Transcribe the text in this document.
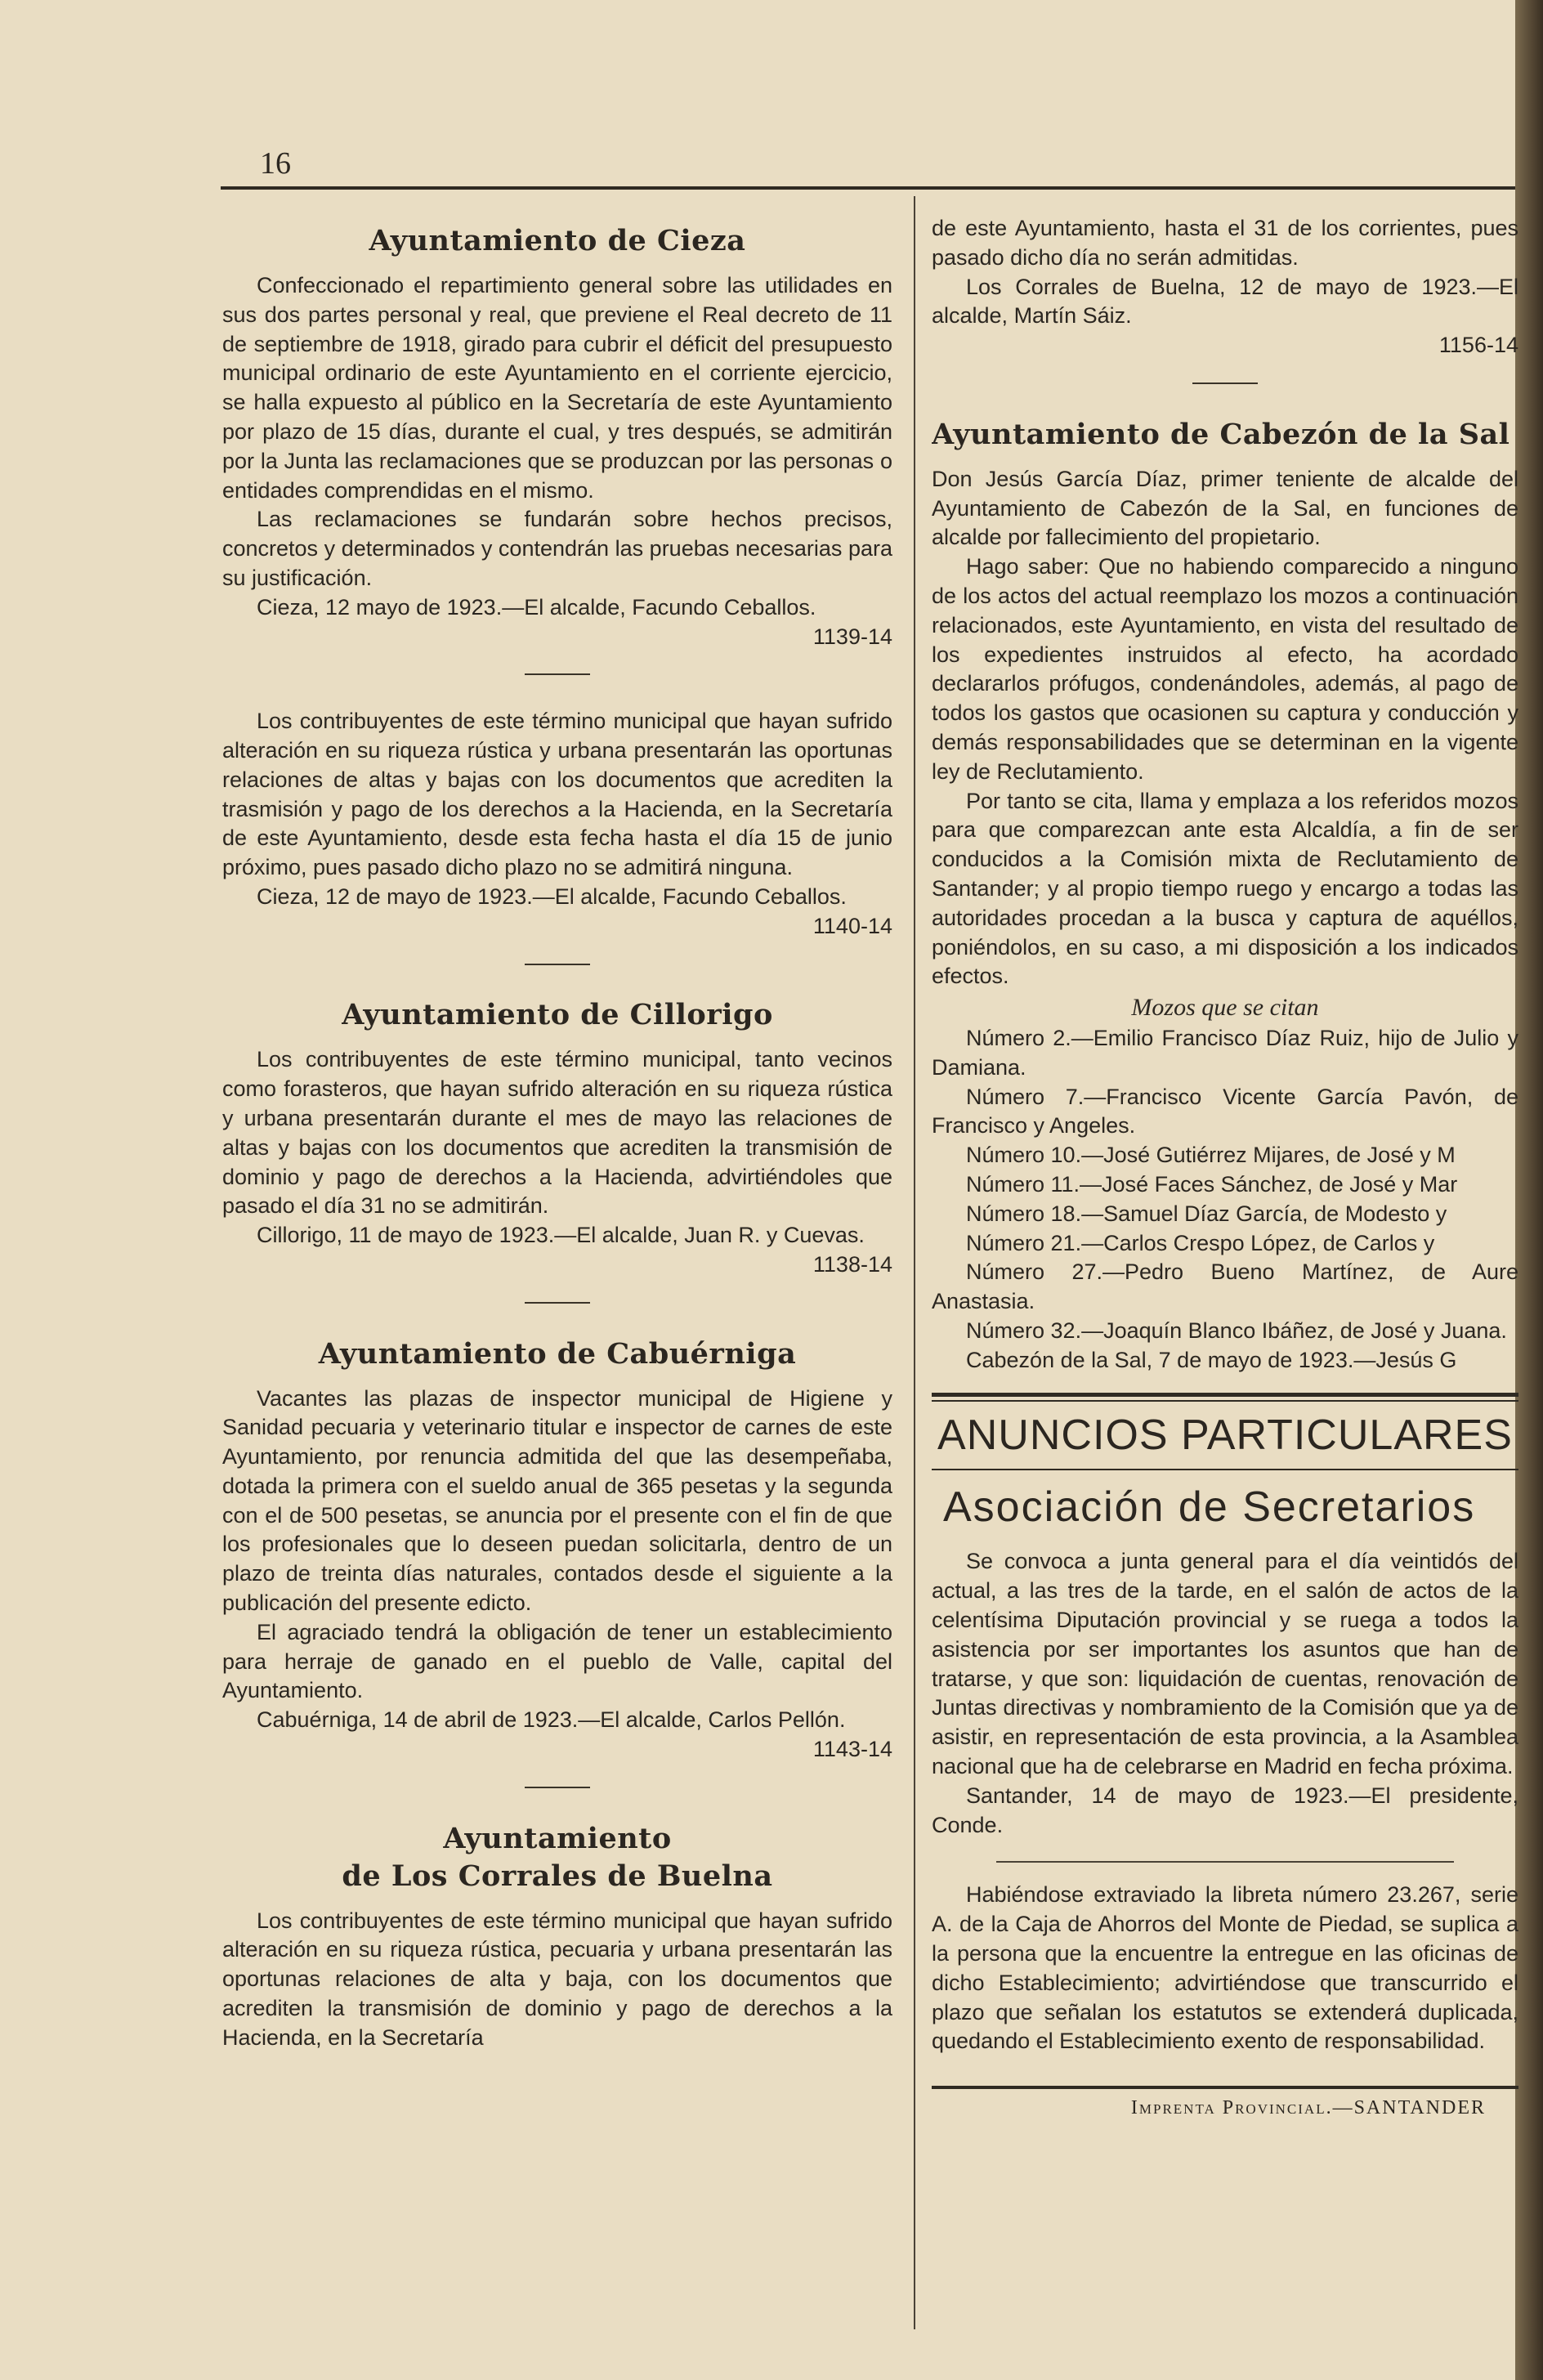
16
Ayuntamiento de Cieza

Confeccionado el repartimiento general sobre las utilidades en sus dos partes personal y real, que previene el Real decreto de 11 de septiembre de 1918, girado para cubrir el déficit del presupuesto municipal ordinario de este Ayuntamiento en el corriente ejercicio, se halla expuesto al público en la Secretaría de este Ayuntamiento por plazo de 15 días, durante el cual, y tres después, se admitirán por la Junta las reclamaciones que se produzcan por las personas o entidades comprendidas en el mismo.

Las reclamaciones se fundarán sobre hechos precisos, concretos y determinados y contendrán las pruebas necesarias para su justificación.

Cieza, 12 mayo de 1923.—El alcalde, Facundo Ceballos.

1139-14

Los contribuyentes de este término municipal que hayan sufrido alteración en su riqueza rústica y urbana presentarán las oportunas relaciones de altas y bajas con los documentos que acrediten la trasmisión y pago de los derechos a la Hacienda, en la Secretaría de este Ayuntamiento, desde esta fecha hasta el día 15 de junio próximo, pues pasado dicho plazo no se admitirá ninguna.

Cieza, 12 de mayo de 1923.—El alcalde, Facundo Ceballos.

1140-14
Ayuntamiento de Cillorigo

Los contribuyentes de este término municipal, tanto vecinos como forasteros, que hayan sufrido alteración en su riqueza rústica y urbana presentarán durante el mes de mayo las relaciones de altas y bajas con los documentos que acrediten la transmisión de dominio y pago de derechos a la Hacienda, advirtiéndoles que pasado el día 31 no se admitirán.

Cillorigo, 11 de mayo de 1923.—El alcalde, Juan R. y Cuevas.

1138-14
Ayuntamiento de Cabuérniga

Vacantes las plazas de inspector municipal de Higiene y Sanidad pecuaria y veterinario titular e inspector de carnes de este Ayuntamiento, por renuncia admitida del que las desempeñaba, dotada la primera con el sueldo anual de 365 pesetas y la segunda con el de 500 pesetas, se anuncia por el presente con el fin de que los profesionales que lo deseen puedan solicitarla, dentro de un plazo de treinta días naturales, contados desde el siguiente a la publicación del presente edicto.

El agraciado tendrá la obligación de tener un establecimiento para herraje de ganado en el pueblo de Valle, capital del Ayuntamiento.

Cabuérniga, 14 de abril de 1923.—El alcalde, Carlos Pellón.

1143-14
Ayuntamiento
de Los Corrales de Buelna

Los contribuyentes de este término municipal que hayan sufrido alteración en su riqueza rústica, pecuaria y urbana presentarán las oportunas relaciones de alta y baja, con los documentos que acrediten la transmisión de dominio y pago de derechos a la Hacienda, en la Secretaría

de este Ayuntamiento, hasta el 31 de los corrientes, pues pasado dicho día no serán admitidas.

Los Corrales de Buelna, 12 de mayo de 1923.—El alcalde, Martín Sáiz.

1156-14
Ayuntamiento de Cabezón de la Sal

Don Jesús García Díaz, primer teniente de alcalde del Ayuntamiento de Cabezón de la Sal, en funciones de alcalde por fallecimiento del propietario.

Hago saber: Que no habiendo comparecido a ninguno de los actos del actual reemplazo los mozos a continuación relacionados, este Ayuntamiento, en vista del resultado de los expedientes instruidos al efecto, ha acordado declararlos prófugos, condenándoles, además, al pago de todos los gastos que ocasionen su captura y conducción y demás responsabilidades que se determinan en la vigente ley de Reclutamiento.

Por tanto se cita, llama y emplaza a los referidos mozos para que comparezcan ante esta Alcaldía, a fin de ser conducidos a la Comisión mixta de Reclutamiento de Santander; y al propio tiempo ruego y encargo a todas las autoridades procedan a la busca y captura de aquéllos, poniéndolos, en su caso, a mi disposición a los indicados efectos.

Mozos que se citan

Número 2.—Emilio Francisco Díaz Ruiz, hijo de Julio y Damiana.

Número 7.—Francisco Vicente García Pavón, de Francisco y Angeles.

Número 10.—José Gutiérrez Mijares, de José y M

Número 11.—José Faces Sánchez, de José y Mar

Número 18.—Samuel Díaz García, de Modesto y

Número 21.—Carlos Crespo López, de Carlos y

Número 27.—Pedro Bueno Martínez, de Aure Anastasia.

Número 32.—Joaquín Blanco Ibáñez, de José y Juana.

Cabezón de la Sal, 7 de mayo de 1923.—Jesús G

ANUNCIOS PARTICULARES
Asociación de Secretarios

Se convoca a junta general para el día veintidós del actual, a las tres de la tarde, en el salón de actos de la celentísima Diputación provincial y se ruega a todos la asistencia por ser importantes los asuntos que han de tratarse, y que son: liquidación de cuentas, renovación de Juntas directivas y nombramiento de la Comisión que ya de asistir, en representación de esta provincia, a la Asamblea nacional que ha de celebrarse en Madrid en fecha próxima.

Santander, 14 de mayo de 1923.—El presidente, Conde.

Habiéndose extraviado la libreta número 23.267, serie A. de la Caja de Ahorros del Monte de Piedad, se suplica a la persona que la encuentre la entregue en las oficinas de dicho Establecimiento; advirtiéndose que transcurrido el plazo que señalan los estatutos se extenderá duplicada, quedando el Establecimiento exento de responsabilidad.

Imprenta Provincial.—SANTANDER
